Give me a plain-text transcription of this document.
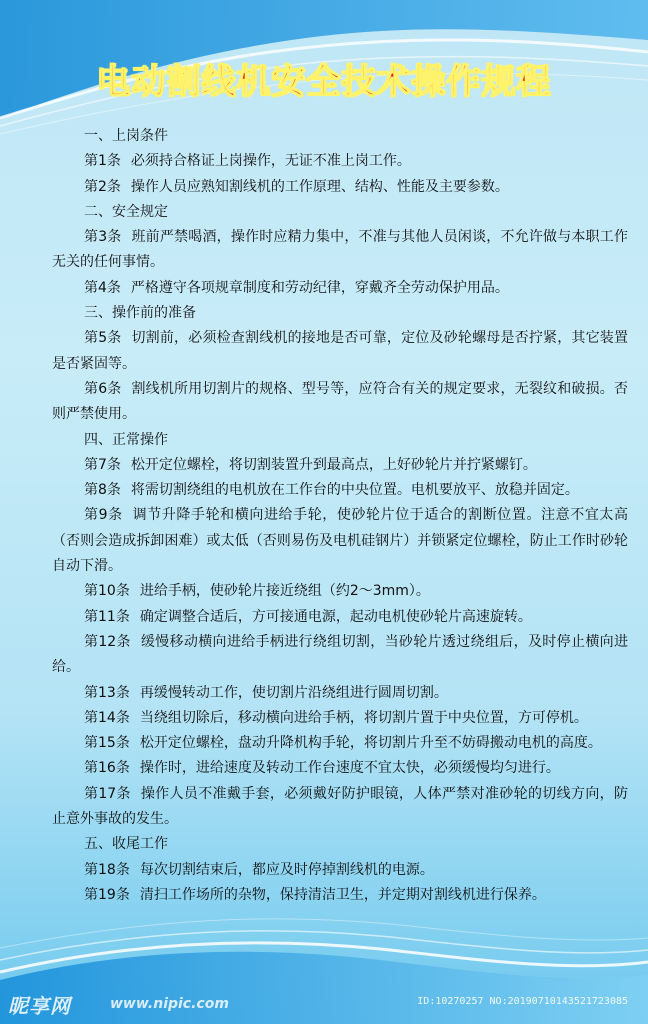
电动割线机安全技术操作规程

一、上岗条件

第1条 必须持合格证上岗操作，无证不准上岗工作。

第2条 操作人员应熟知割线机的工作原理、结构、性能及主要参数。

二、安全规定

第3条 班前严禁喝酒，操作时应精力集中，不准与其他人员闲谈，不允许做与本职工作无关的任何事情。

第4条 严格遵守各项规章制度和劳动纪律，穿戴齐全劳动保护用品。

三、操作前的准备

第5条 切割前，必须检查割线机的接地是否可靠，定位及砂轮螺母是否拧紧，其它装置是否紧固等。

第6条 割线机所用切割片的规格、型号等，应符合有关的规定要求，无裂纹和破损。否则严禁使用。

四、正常操作

第7条 松开定位螺栓，将切割装置升到最高点，上好砂轮片并拧紧螺钉。

第8条 将需切割绕组的电机放在工作台的中央位置。电机要放平、放稳并固定。

第9条 调节升降手轮和横向进给手轮，使砂轮片位于适合的割断位置。注意不宜太高（否则会造成拆卸困难）或太低（否则易伤及电机硅钢片）并锁紧定位螺栓，防止工作时砂轮自动下滑。

第10条 进给手柄，使砂轮片接近绕组（约2～3mm）。

第11条 确定调整合适后，方可接通电源，起动电机使砂轮片高速旋转。

第12条 缓慢移动横向进给手柄进行绕组切割，当砂轮片透过绕组后，及时停止横向进给。

第13条 再缓慢转动工作，使切割片沿绕组进行圆周切割。

第14条 当绕组切除后，移动横向进给手柄，将切割片置于中央位置，方可停机。

第15条 松开定位螺栓，盘动升降机构手轮，将切割片升至不妨碍搬动电机的高度。

第16条 操作时，进给速度及转动工作台速度不宜太快，必须缓慢均匀进行。

第17条 操作人员不准戴手套，必须戴好防护眼镜，人体严禁对准砂轮的切线方向，防止意外事故的发生。

五、收尾工作

第18条 每次切割结束后，都应及时停掉割线机的电源。

第19条 清扫工作场所的杂物，保持清洁卫生，并定期对割线机进行保养。

昵享网	www.nipic.com	ID:10270257 NO:20190710143521723085
